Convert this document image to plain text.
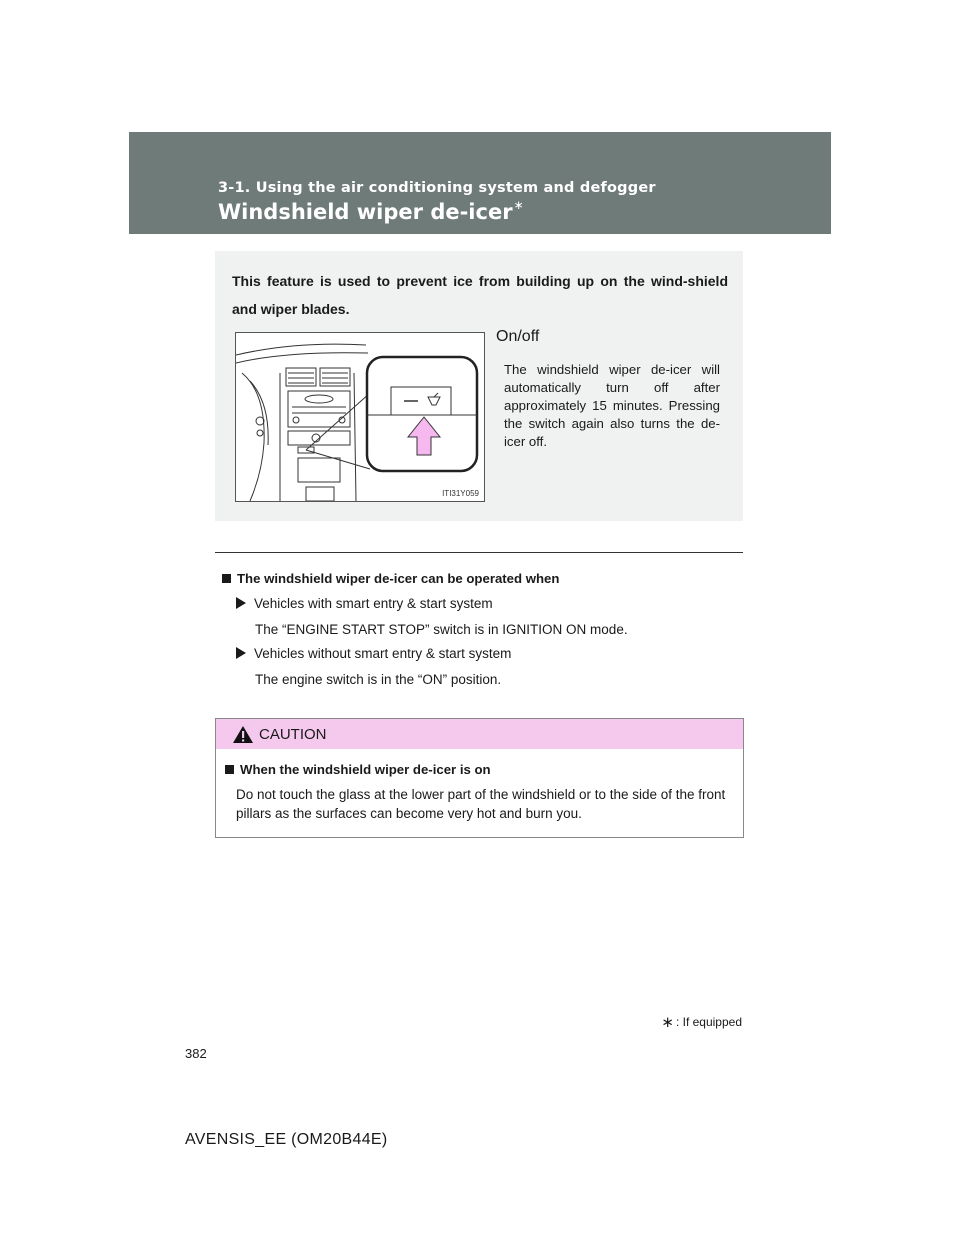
3-1. Using the air conditioning system and defogger
Windshield wiper de-icer∗
This feature is used to prevent ice from building up on the wind-shield and wiper blades.
ITI31Y059
On/off
The windshield wiper de-icer will automatically turn off after approximately 15 minutes. Pressing the switch again also turns the de-icer off.
The windshield wiper de-icer can be operated when
Vehicles with smart entry & start system
The “ENGINE START STOP” switch is in IGNITION ON mode.
Vehicles without smart entry & start system
The engine switch is in the “ON” position.
CAUTION
When the windshield wiper de-icer is on
Do not touch the glass at the lower part of the windshield or to the side of the front pillars as the surfaces can become very hot and burn you.
∗ : If equipped
382
AVENSIS_EE (OM20B44E)
